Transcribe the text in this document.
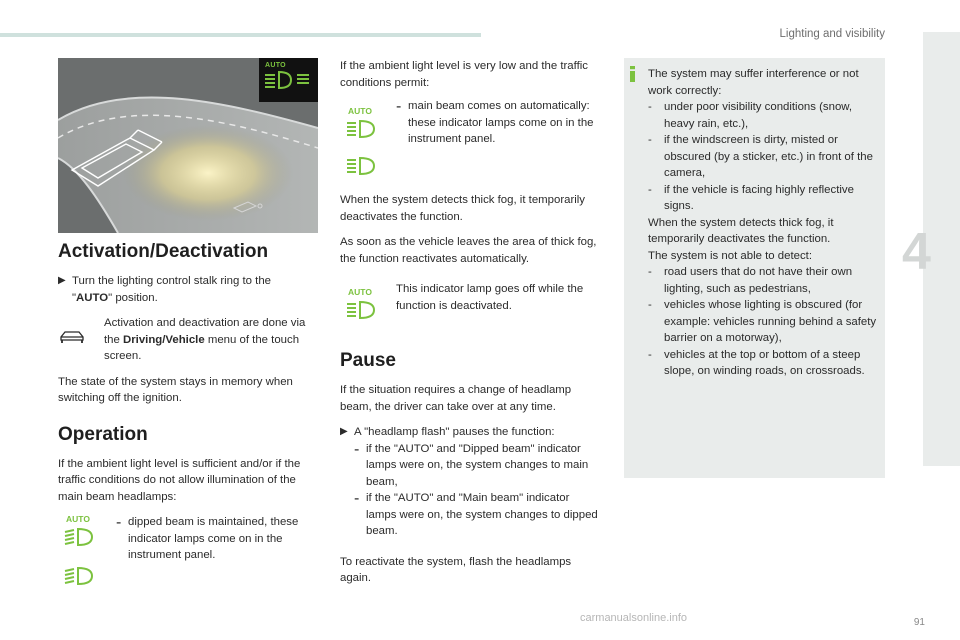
Lighting and visibility
4
AUTO
Activation/Deactivation
▶ Turn the lighting control stalk ring to the
"AUTO" position.

Activation and deactivation are done via the Driving/Vehicle menu of the touch screen.

The state of the system stays in memory when switching off the ignition.

Operation

If the ambient light level is sufficient and/or if the traffic conditions do not allow illumination of the main beam headlamps:

AUTO - dipped beam is maintained, these indicator lamps come on in the instrument panel.

If the ambient light level is very low and the traffic conditions permit:

AUTO - main beam comes on automatically: these indicator lamps come on in the instrument panel.

When the system detects thick fog, it temporarily deactivates the function.

As soon as the vehicle leaves the area of thick fog, the function reactivates automatically.

AUTO	This indicator lamp goes off while the function is deactivated.

Pause

If the situation requires a change of headlamp beam, the driver can take over at any time.

▶ A "headlamp flash" pauses the function:

- if the "AUTO" and "Dipped beam" indicator lamps were on, the system changes to main beam,

- if the "AUTO" and "Main beam" indicator lamps were on, the system changes to dipped beam.

To reactivate the system, flash the headlamps again.

The system may suffer interference or not work correctly:

-	under poor visibility conditions (snow, heavy rain, etc.),

-	if the windscreen is dirty, misted or obscured (by a sticker, etc.) in front of the camera,

-	if the vehicle is facing highly reflective signs.

When the system detects thick fog, it temporarily deactivates the function.

The system is not able to detect:

-	road users that do not have their own lighting, such as pedestrians,

-	vehicles whose lighting is obscured (for example: vehicles running behind a safety barrier on a motorway),

-	vehicles at the top or bottom of a steep slope, on winding roads, on crossroads.

carmanualsonline.info	91
